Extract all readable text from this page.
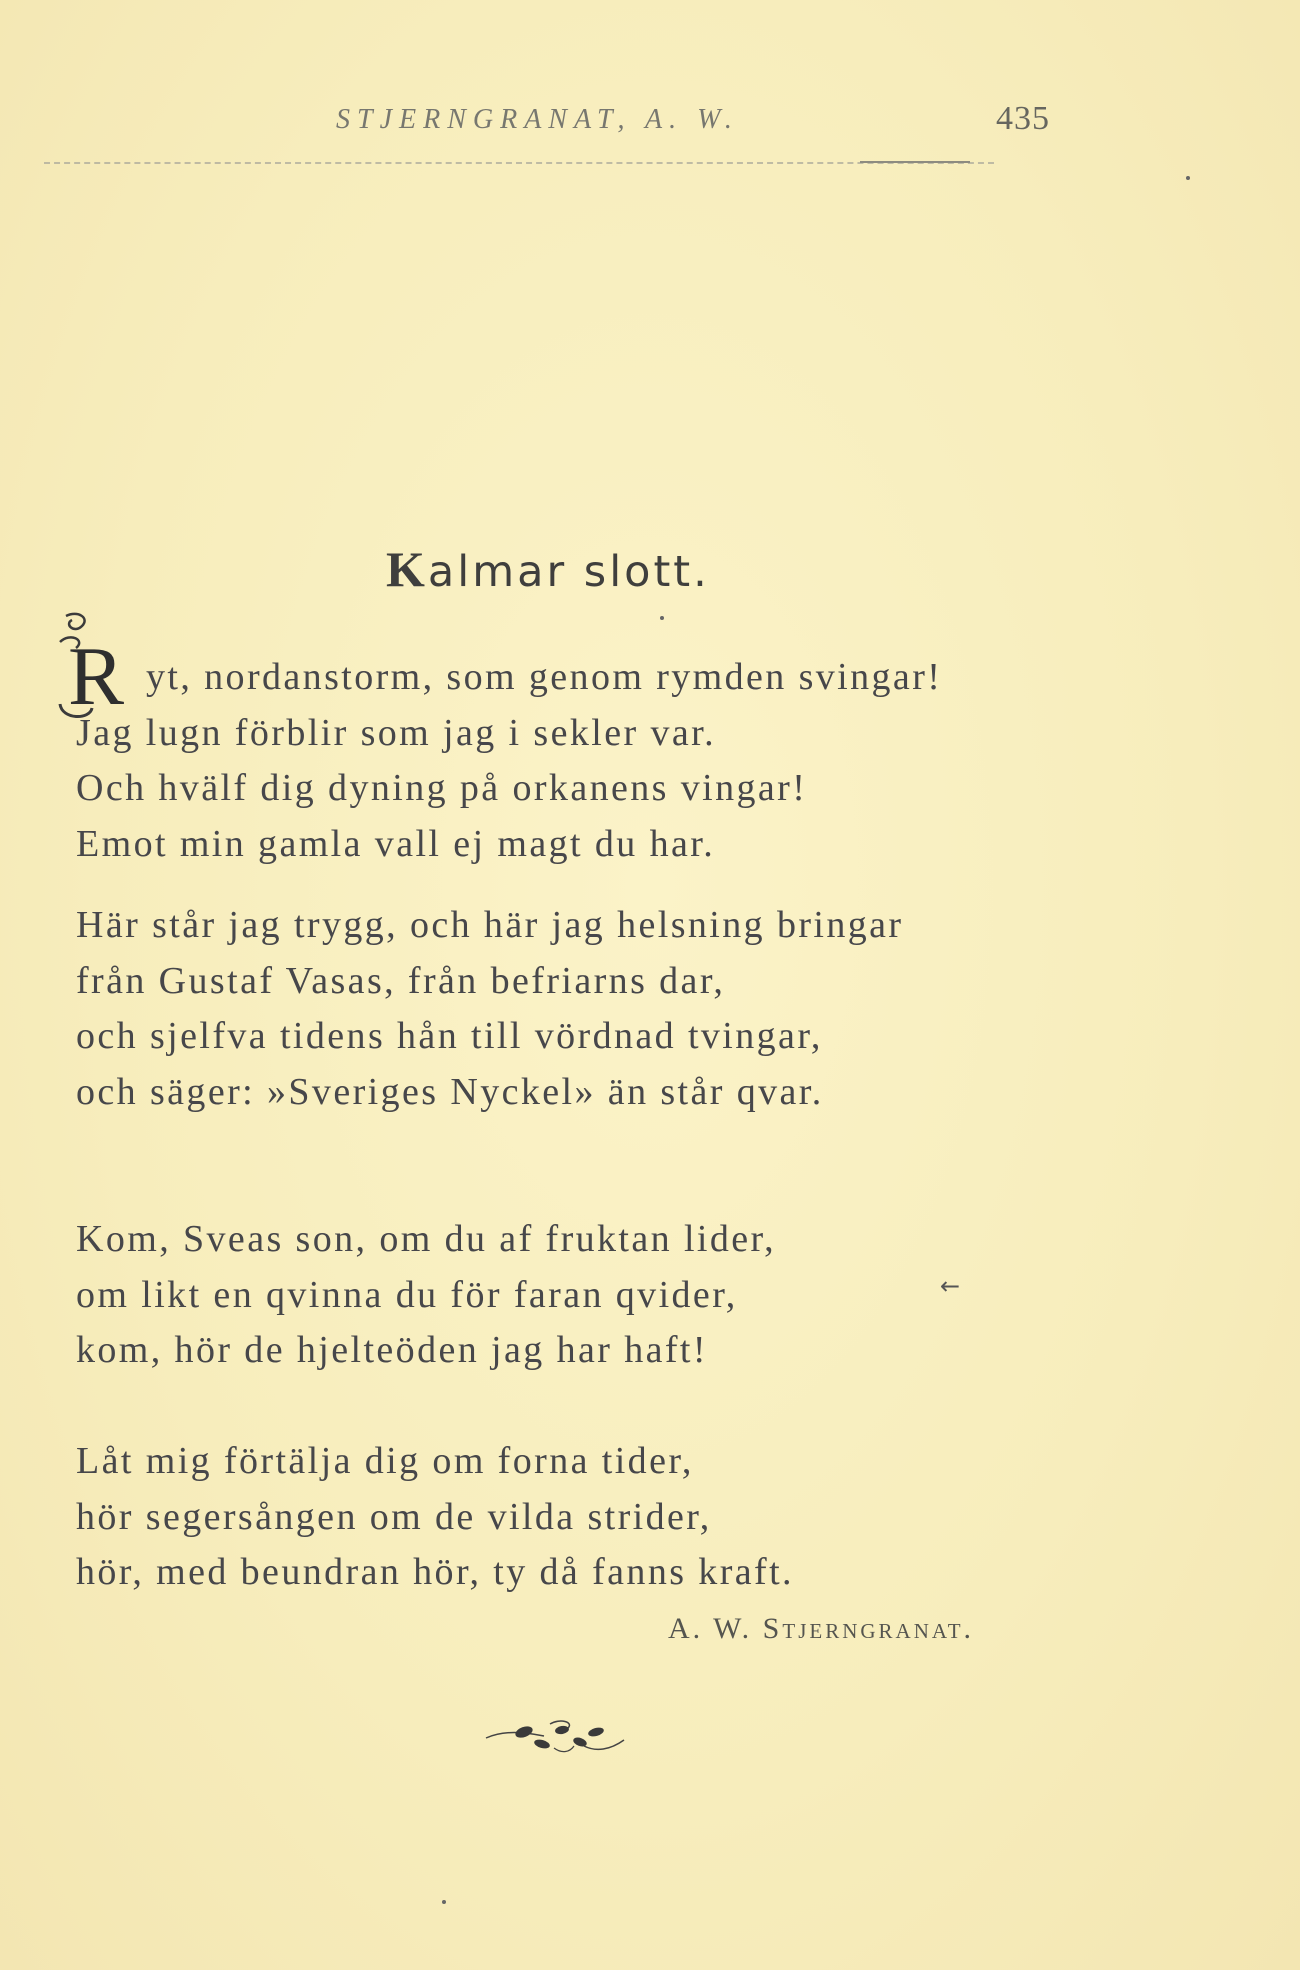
STJERNGRANAT, A. W.	435
Kalmar slott.
R yt, nordanstorm, som genom rymden svingar!
Jag lugn förblir som jag i sekler var.
Och hvälf dig dyning på orkanens vingar!
Emot min gamla vall ej magt du har.
Här står jag trygg, och här jag helsning bringar
från Gustaf Vasas, från befriarns dar,
och sjelfva tidens hån till vördnad tvingar,
och säger: »Sveriges Nyckel» än står qvar.
Kom, Sveas son, om du af fruktan lider,
om likt en qvinna du för faran qvider,
kom, hör de hjelteöden jag har haft!
←
Låt mig förtälja dig om forna tider,
hör segersången om de vilda strider,
hör, med beundran hör, ty då fanns kraft.
A. W. Stjerngranat.
